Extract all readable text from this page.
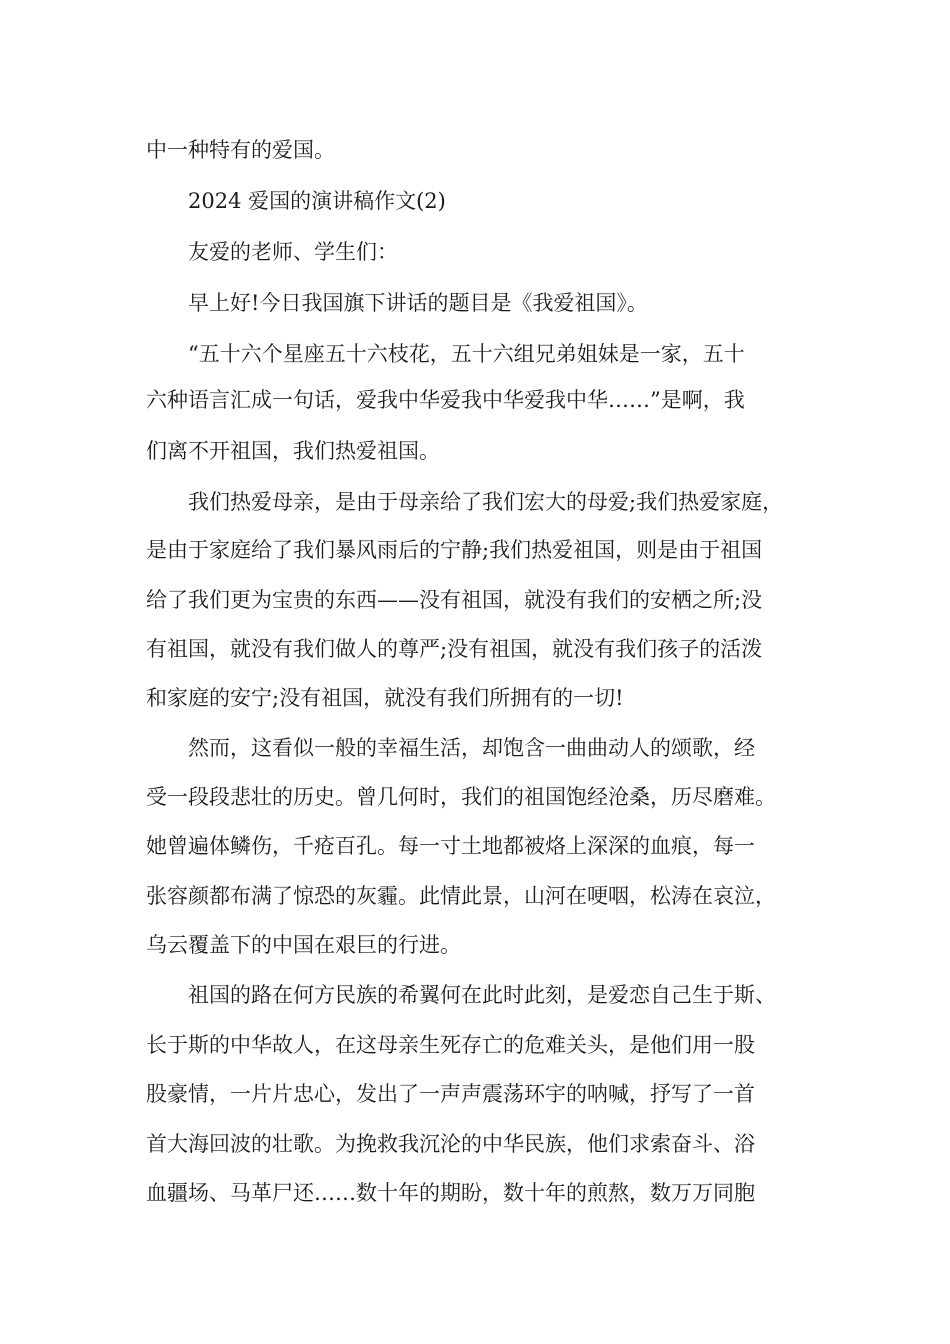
中一种特有的爱国。

2024 爱国的演讲稿作文(2)

友爱的老师、学生们：

早上好!今日我国旗下讲话的题目是《我爱祖国》。

“五十六个星座五十六枝花，五十六组兄弟姐妹是一家，五十

六种语言汇成一句话，爱我中华爱我中华爱我中华……”是啊，我

们离不开祖国，我们热爱祖国。

我们热爱母亲，是由于母亲给了我们宏大的母爱;我们热爱家庭，

是由于家庭给了我们暴风雨后的宁静;我们热爱祖国，则是由于祖国

给了我们更为宝贵的东西——没有祖国，就没有我们的安栖之所;没

有祖国，就没有我们做人的尊严;没有祖国，就没有我们孩子的活泼

和家庭的安宁;没有祖国，就没有我们所拥有的一切!

然而，这看似一般的幸福生活，却饱含一曲曲动人的颂歌，经

受一段段悲壮的历史。曾几何时，我们的祖国饱经沧桑，历尽磨难。

她曾遍体鳞伤，千疮百孔。每一寸土地都被烙上深深的血痕，每一

张容颜都布满了惊恐的灰霾。此情此景，山河在哽咽，松涛在哀泣，

乌云覆盖下的中国在艰巨的行进。

祖国的路在何方民族的希翼何在此时此刻，是爱恋自己生于斯、

长于斯的中华故人，在这母亲生死存亡的危难关头，是他们用一股

股豪情，一片片忠心，发出了一声声震荡环宇的呐喊，抒写了一首

首大海回波的壮歌。为挽救我沉沦的中华民族，他们求索奋斗、浴

血疆场、马革尸还……数十年的期盼，数十年的煎熬，数万万同胞
